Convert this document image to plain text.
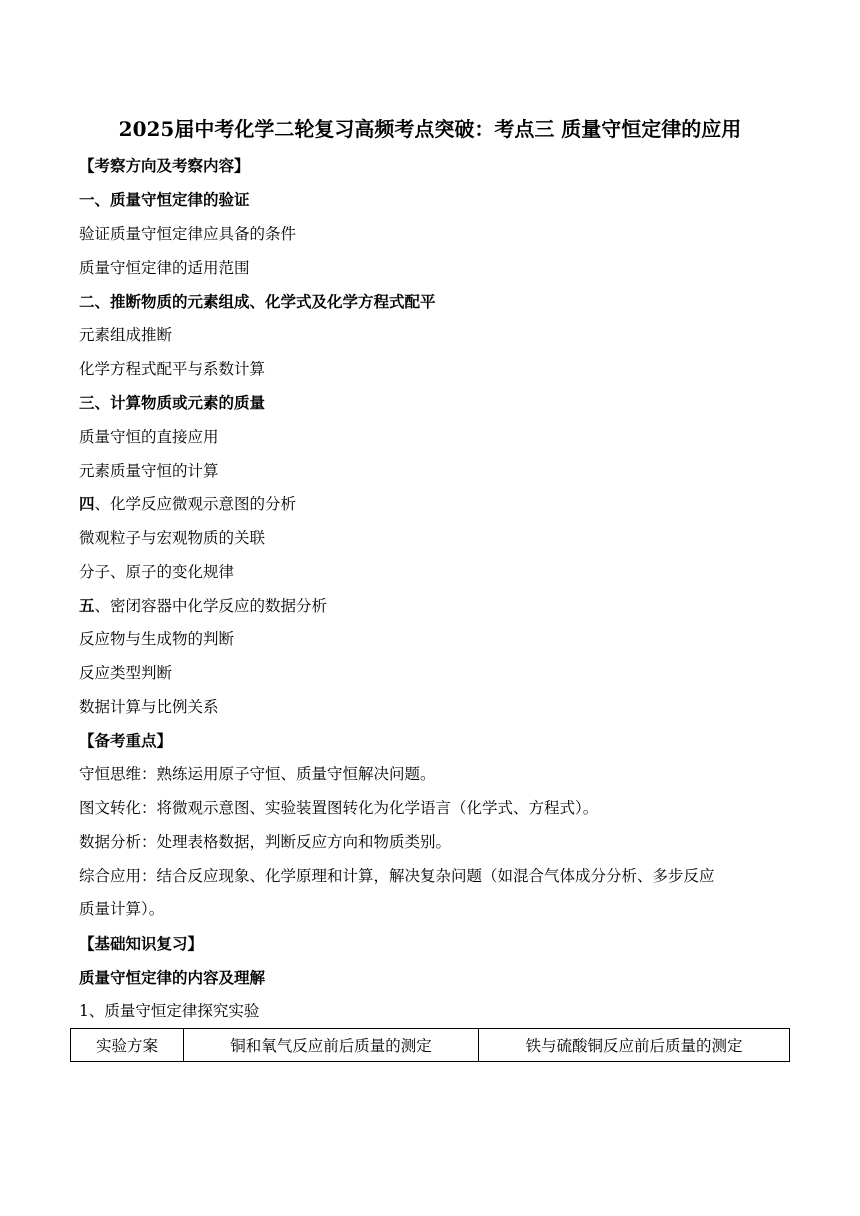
2025届中考化学二轮复习高频考点突破：考点三 质量守恒定律的应用
【考察方向及考察内容】
一、质量守恒定律的验证
验证质量守恒定律应具备的条件
质量守恒定律的适用范围
二、推断物质的元素组成、化学式及化学方程式配平
元素组成推断
化学方程式配平与系数计算
三、计算物质或元素的质量
质量守恒的直接应用
元素质量守恒的计算
四、化学反应微观示意图的分析
微观粒子与宏观物质的关联
分子、原子的变化规律
五、密闭容器中化学反应的数据分析
反应物与生成物的判断
反应类型判断
数据计算与比例关系
【备考重点】
守恒思维：熟练运用原子守恒、质量守恒解决问题。
图文转化：将微观示意图、实验装置图转化为化学语言（化学式、方程式）。
数据分析：处理表格数据，判断反应方向和物质类别。
综合应用：结合反应现象、化学原理和计算，解决复杂问题（如混合气体成分分析、多步反应
质量计算）。
【基础知识复习】
质量守恒定律的内容及理解
1、质量守恒定律探究实验
实验方案	铜和氧气反应前后质量的测定	铁与硫酸铜反应前后质量的测定
